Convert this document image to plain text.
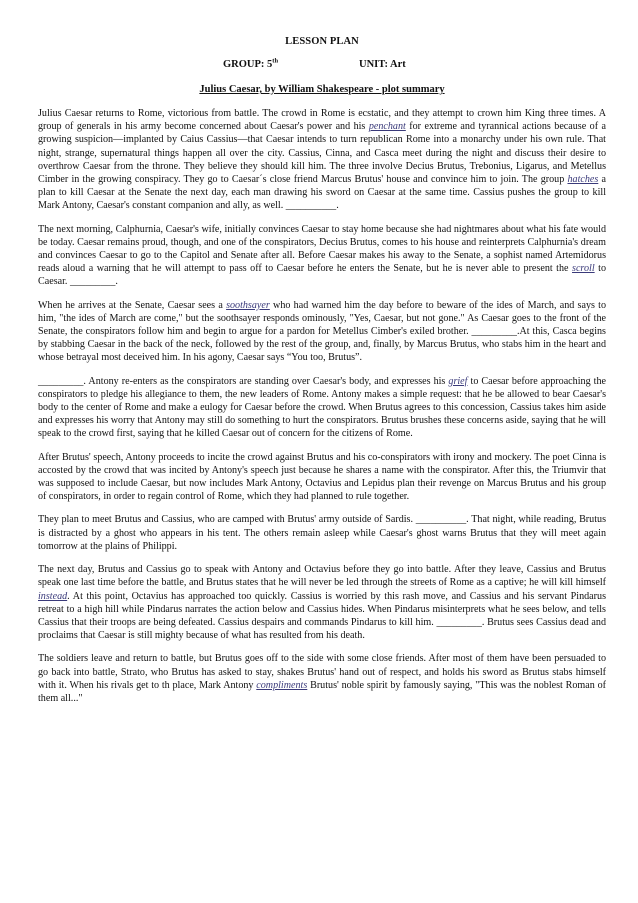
LESSON PLAN
GROUP: 5th	UNIT: Art
Julius Caesar, by William Shakespeare - plot summary

Julius Caesar returns to Rome, victorious from battle. The crowd in Rome is ecstatic, and they attempt to crown him King three times. A group of generals in his army become concerned about Caesar's power and his penchant for extreme and tyrannical actions because of a growing suspicion—implanted by Caius Cassius—that Caesar intends to turn republican Rome into a monarchy under his own rule. That night, strange, supernatural things happen all over the city. Cassius, Cinna, and Casca meet during the night and discuss their desire to overthrow Caesar from the throne. They believe they should kill him. The three involve Decius Brutus, Trebonius, Ligarus, and Metellus Cimber in the growing conspiracy. They go to Caesar´s close friend Marcus Brutus' house and convince him to join. The group hatches a plan to kill Caesar at the Senate the next day, each man drawing his sword on Caesar at the same time. Cassius pushes the group to kill Mark Antony, Caesar's constant companion and ally, as well. __________.

The next morning, Calphurnia, Caesar's wife, initially convinces Caesar to stay home because she had nightmares about what his fate would be today. Caesar remains proud, though, and one of the conspirators, Decius Brutus, comes to his house and reinterprets Calphurnia's dream and convinces Caesar to go to the Capitol and Senate after all. Before Caesar makes his away to the Senate, a sophist named Artemidorus reads aloud a warning that he will attempt to pass off to Caesar before he enters the Senate, but he is never able to present the scroll to Caesar. _________.

When he arrives at the Senate, Caesar sees a soothsayer who had warned him the day before to beware of the ides of March, and says to him, "the ides of March are come," but the soothsayer responds ominously, "Yes, Caesar, but not gone." As Caesar goes to the front of the Senate, the conspirators follow him and begin to argue for a pardon for Metellus Cimber's exiled brother. _________.At this, Casca begins by stabbing Caesar in the back of the neck, followed by the rest of the group, and, finally, by Marcus Brutus, who stabs him in the heart and whose betrayal most deceived him. In his agony, Caesar says “You too, Brutus”.

_________. Antony re-enters as the conspirators are standing over Caesar's body, and expresses his grief to Caesar before approaching the conspirators to pledge his allegiance to them, the new leaders of Rome. Antony makes a simple request: that he be allowed to bear Caesar's body to the center of Rome and make a eulogy for Caesar before the crowd. When Brutus agrees to this concession, Cassius takes him aside and expresses his worry that Antony may still do something to hurt the conspirators. Brutus brushes these concerns aside, saying that he will speak to the crowd first, saying that he killed Caesar out of concern for the citizens of Rome.

After Brutus' speech, Antony proceeds to incite the crowd against Brutus and his co-conspirators with irony and mockery. The poet Cinna is accosted by the crowd that was incited by Antony's speech just because he shares a name with the conspirator. After this, the Triumvir that was supposed to include Caesar, but now includes Mark Antony, Octavius and Lepidus plan their revenge on Marcus Brutus and his group of conspirators, in order to regain control of Rome, which they had planned to rule together.

They plan to meet Brutus and Cassius, who are camped with Brutus' army outside of Sardis. __________. That night, while reading, Brutus is distracted by a ghost who appears in his tent. The others remain asleep while Caesar's ghost warns Brutus that they will meet again tomorrow at the plains of Philippi.

The next day, Brutus and Cassius go to speak with Antony and Octavius before they go into battle. After they leave, Cassius and Brutus speak one last time before the battle, and Brutus states that he will never be led through the streets of Rome as a captive; he will kill himself instead. At this point, Octavius has approached too quickly. Cassius is worried by this rash move, and Cassius and his servant Pindarus retreat to a high hill while Pindarus narrates the action below and Cassius hides. When Pindarus misinterprets what he sees below, and tells Cassius that their troops are being defeated. Cassius despairs and commands Pindarus to kill him. _________. Brutus sees Cassius dead and proclaims that Caesar is still mighty because of what has resulted from his death.

The soldiers leave and return to battle, but Brutus goes off to the side with some close friends. After most of them have been persuaded to go back into battle, Strato, who Brutus has asked to stay, shakes Brutus' hand out of respect, and holds his sword as Brutus stabs himself with it. When his rivals get to th place, Mark Antony compliments Brutus' noble spirit by famously saying, "This was the noblest Roman of them all..."
